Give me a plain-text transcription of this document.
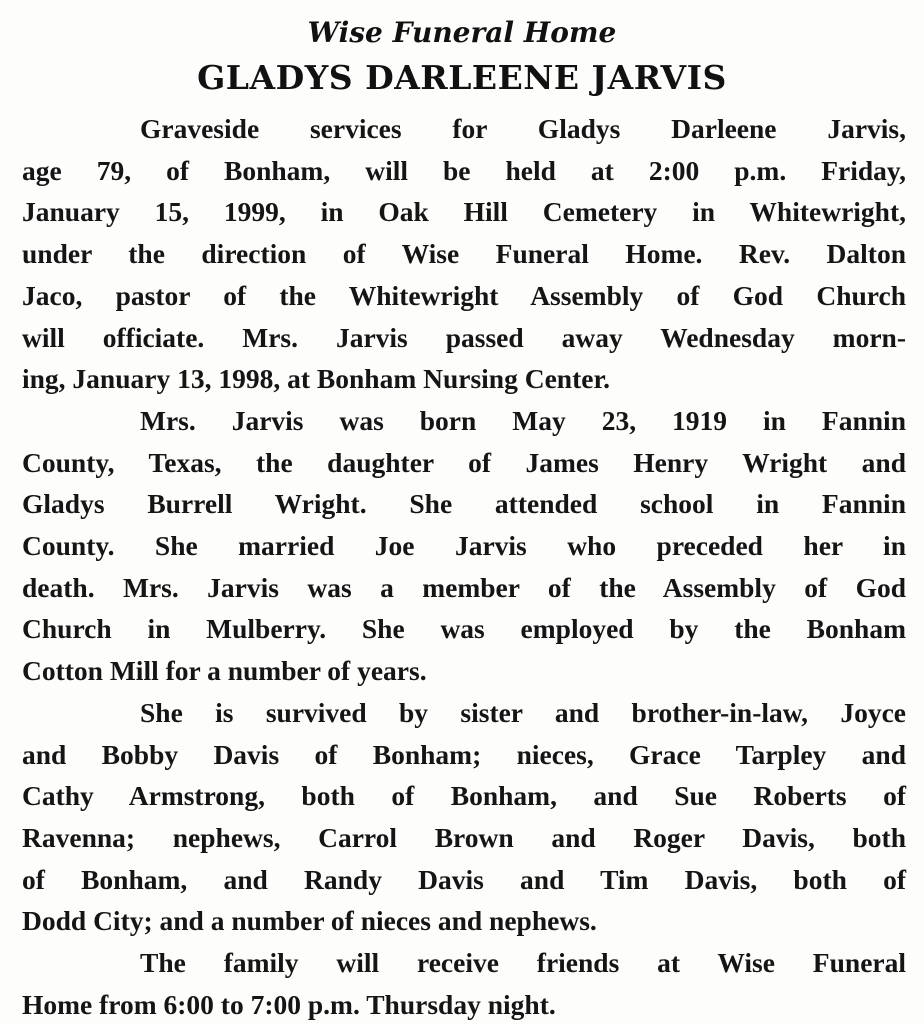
Wise Funeral Home
GLADYS DARLEENE JARVIS
Graveside services for Gladys Darleene Jarvis,
age 79, of Bonham, will be held at 2:00 p.m. Friday,
January 15, 1999, in Oak Hill Cemetery in Whitewright,
under the direction of Wise Funeral Home. Rev. Dalton
Jaco, pastor of the Whitewright Assembly of God Church
will officiate. Mrs. Jarvis passed away Wednesday morn-
ing, January 13, 1998, at Bonham Nursing Center.
Mrs. Jarvis was born May 23, 1919 in Fannin
County, Texas, the daughter of James Henry Wright and
Gladys Burrell Wright. She attended school in Fannin
County. She married Joe Jarvis who preceded her in
death. Mrs. Jarvis was a member of the Assembly of God
Church in Mulberry. She was employed by the Bonham
Cotton Mill for a number of years.
She is survived by sister and brother-in-law, Joyce
and Bobby Davis of Bonham; nieces, Grace Tarpley and
Cathy Armstrong, both of Bonham, and Sue Roberts of
Ravenna; nephews, Carrol Brown and Roger Davis, both
of Bonham, and Randy Davis and Tim Davis, both of
Dodd City; and a number of nieces and nephews.
The family will receive friends at Wise Funeral
Home from 6:00 to 7:00 p.m. Thursday night.
